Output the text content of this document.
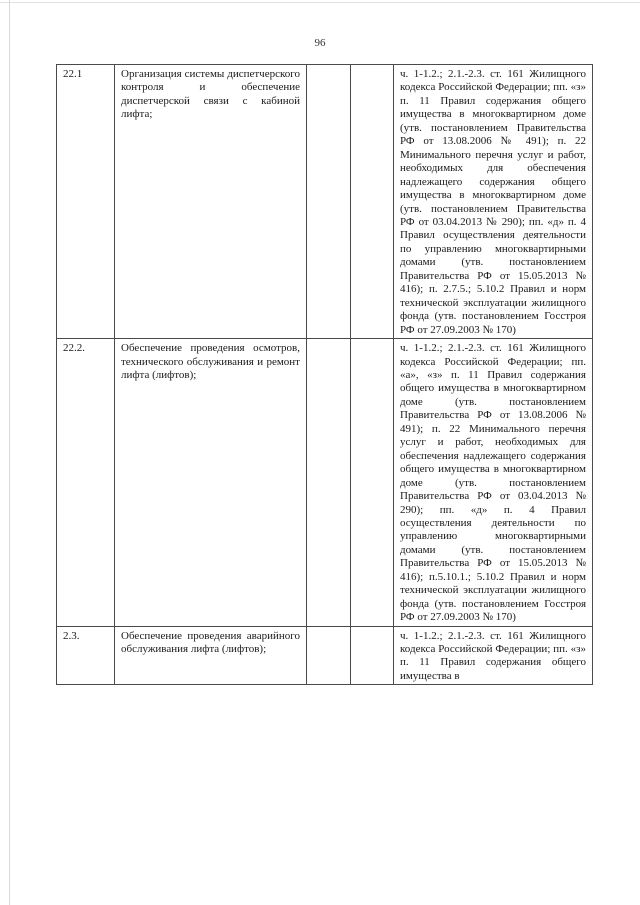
96
22.1	Организация системы диспетчерского контроля и обеспечение диспетчерской связи с кабиной лифта;			ч. 1-1.2.; 2.1.-2.3. ст. 161 Жилищного кодекса Российской Федерации; пп. «з» п. 11 Правил содержания общего имущества в многоквартирном доме (утв. постановлением Правительства РФ от 13.08.2006 № 491); п. 22 Минимального перечня услуг и работ, необходимых для обеспечения надлежащего содержания общего имущества в многоквартирном доме (утв. постановлением Правительства РФ от 03.04.2013 № 290); пп. «д» п. 4 Правил осуществления деятельности по управлению многоквартирными домами (утв. постановлением Правительства РФ от 15.05.2013 № 416); п. 2.7.5.; 5.10.2 Правил и норм технической эксплуатации жилищного фонда (утв. постановлением Госстроя РФ от 27.09.2003 № 170)
22.2.	Обеспечение проведения осмотров, технического обслуживания и ремонт лифта (лифтов);			ч. 1-1.2.; 2.1.-2.3. ст. 161 Жилищного кодекса Российской Федерации; пп. «а», «з» п. 11 Правил содержания общего имущества в многоквартирном доме (утв. постановлением Правительства РФ от 13.08.2006 № 491); п. 22 Минимального перечня услуг и работ, необходимых для обеспечения надлежащего содержания общего имущества в многоквартирном доме (утв. постановлением Правительства РФ от 03.04.2013 № 290); пп. «д» п. 4 Правил осуществления деятельности по управлению многоквартирными домами (утв. постановлением Правительства РФ от 15.05.2013 № 416); п.5.10.1.; 5.10.2 Правил и норм технической эксплуатации жилищного фонда (утв. постановлением Госстроя РФ от 27.09.2003 № 170)
2.3.	Обеспечение проведения аварийного обслуживания лифта (лифтов);			ч. 1-1.2.; 2.1.-2.3. ст. 161 Жилищного кодекса Российской Федерации; пп. «з» п. 11 Правил содержания общего имущества в
